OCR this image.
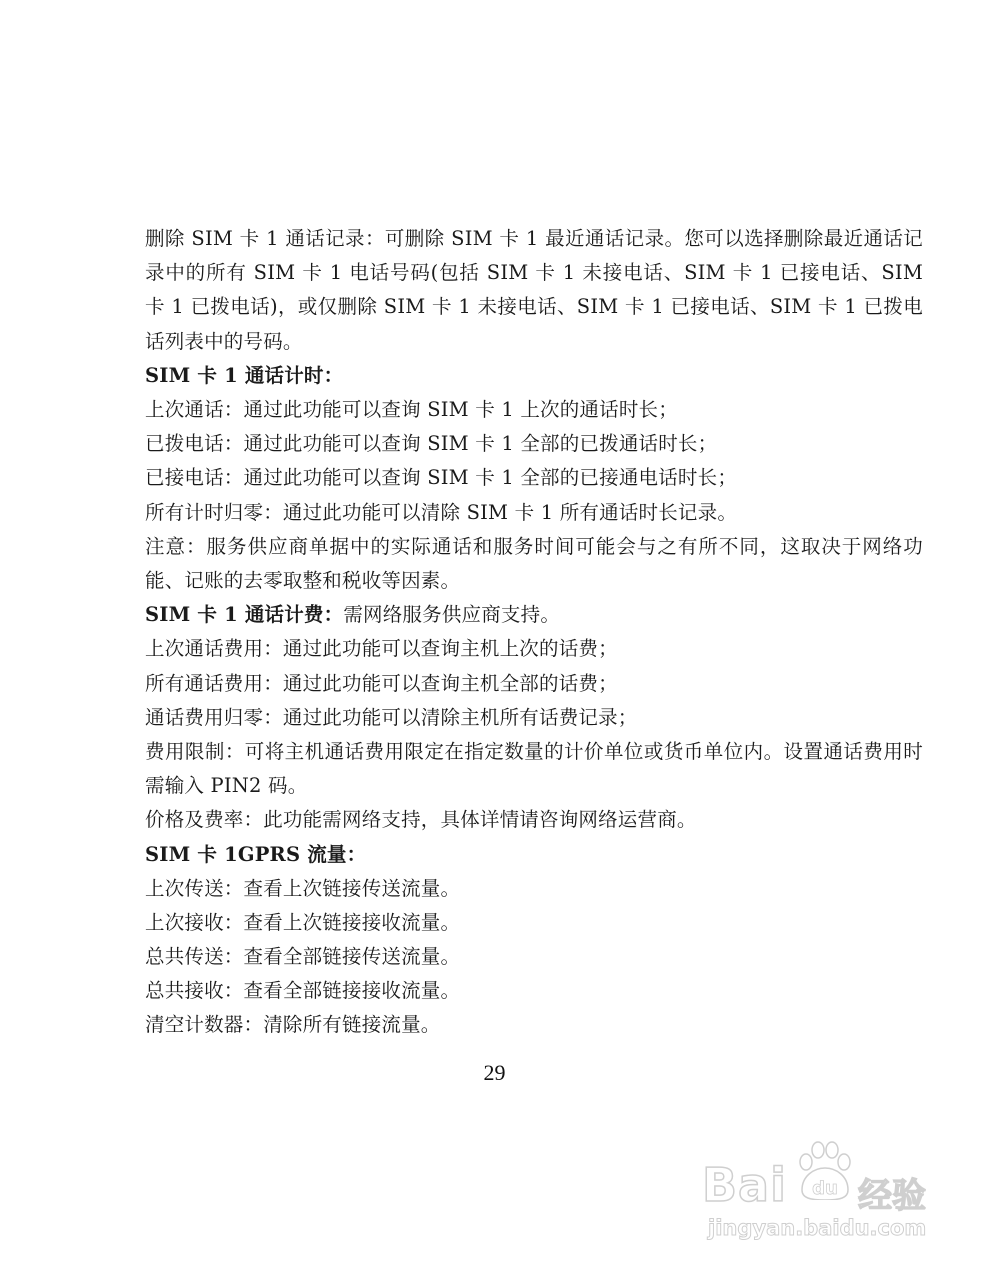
删除 SIM 卡 1 通话记录：可删除 SIM 卡 1 最近通话记录。您可以选择删除最近通话记录中的所有 SIM 卡 1 电话号码(包括 SIM 卡 1 未接电话、SIM 卡 1 已接电话、SIM 卡 1 已拨电话)，或仅删除 SIM 卡 1 未接电话、SIM 卡 1 已接电话、SIM 卡 1 已拨电话列表中的号码。
SIM 卡 1 通话计时：
上次通话：通过此功能可以查询 SIM 卡 1 上次的通话时长；
已拨电话：通过此功能可以查询 SIM 卡 1 全部的已拨通话时长；
已接电话：通过此功能可以查询 SIM 卡 1 全部的已接通电话时长；
所有计时归零：通过此功能可以清除 SIM 卡 1 所有通话时长记录。
注意：服务供应商单据中的实际通话和服务时间可能会与之有所不同，这取决于网络功能、记账的去零取整和税收等因素。
SIM 卡 1 通话计费：需网络服务供应商支持。
上次通话费用：通过此功能可以查询主机上次的话费；
所有通话费用：通过此功能可以查询主机全部的话费；
通话费用归零：通过此功能可以清除主机所有话费记录；
费用限制：可将主机通话费用限定在指定数量的计价单位或货币单位内。设置通话费用时需输入 PIN2 码。
价格及费率：此功能需网络支持，具体详情请咨询网络运营商。
SIM 卡 1GPRS 流量：
上次传送：查看上次链接传送流量。
上次接收：查看上次链接接收流量。
总共传送：查看全部链接传送流量。
总共接收：查看全部链接接收流量。
清空计数器：清除所有链接流量。
29
Bai du 经验
jingyan.baidu.com
